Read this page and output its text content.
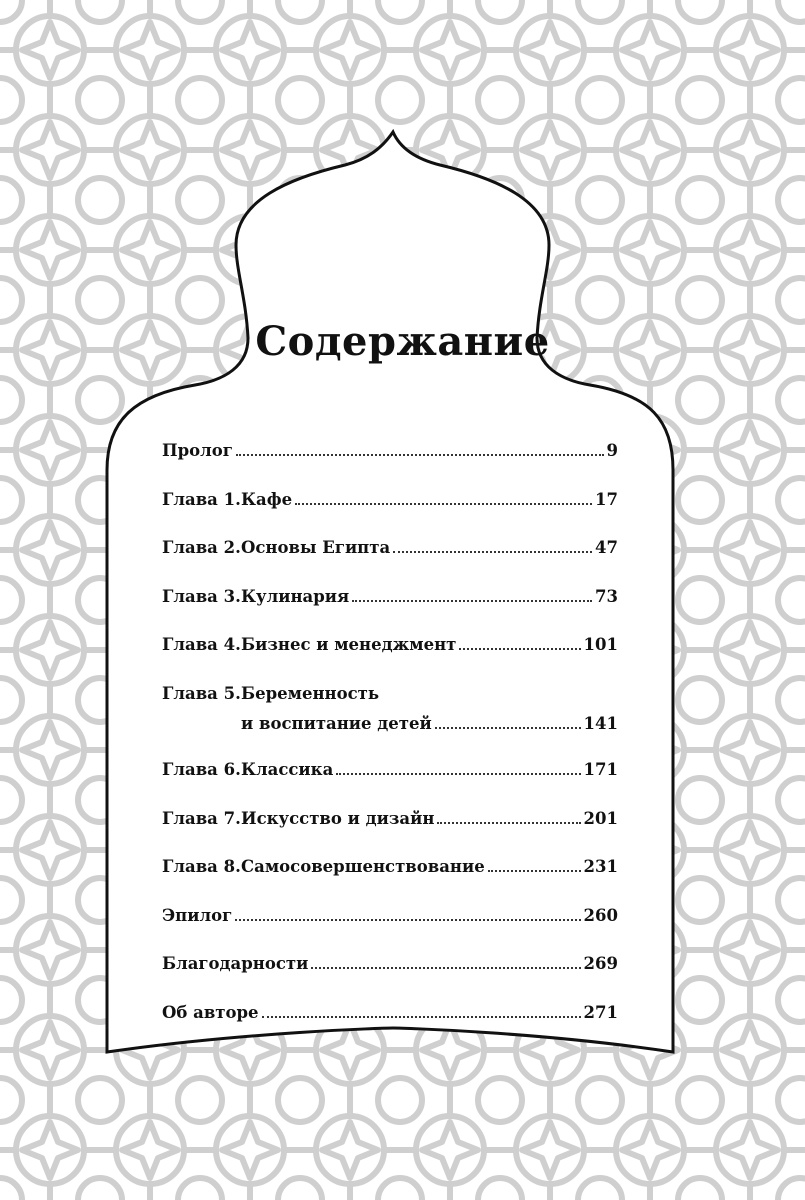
Содержание
Пролог	9
Глава 1. Кафе	17
Глава 2. Основы Египта	47
Глава 3. Кулинария	73
Глава 4. Бизнес и менеджмент	101
Глава 5. Беременность
и воспитание детей	141
Глава 6. Классика	171
Глава 7. Искусство и дизайн	201
Глава 8. Самосовершенствование	231
Эпилог	260
Благодарности	269
Об авторе	271
